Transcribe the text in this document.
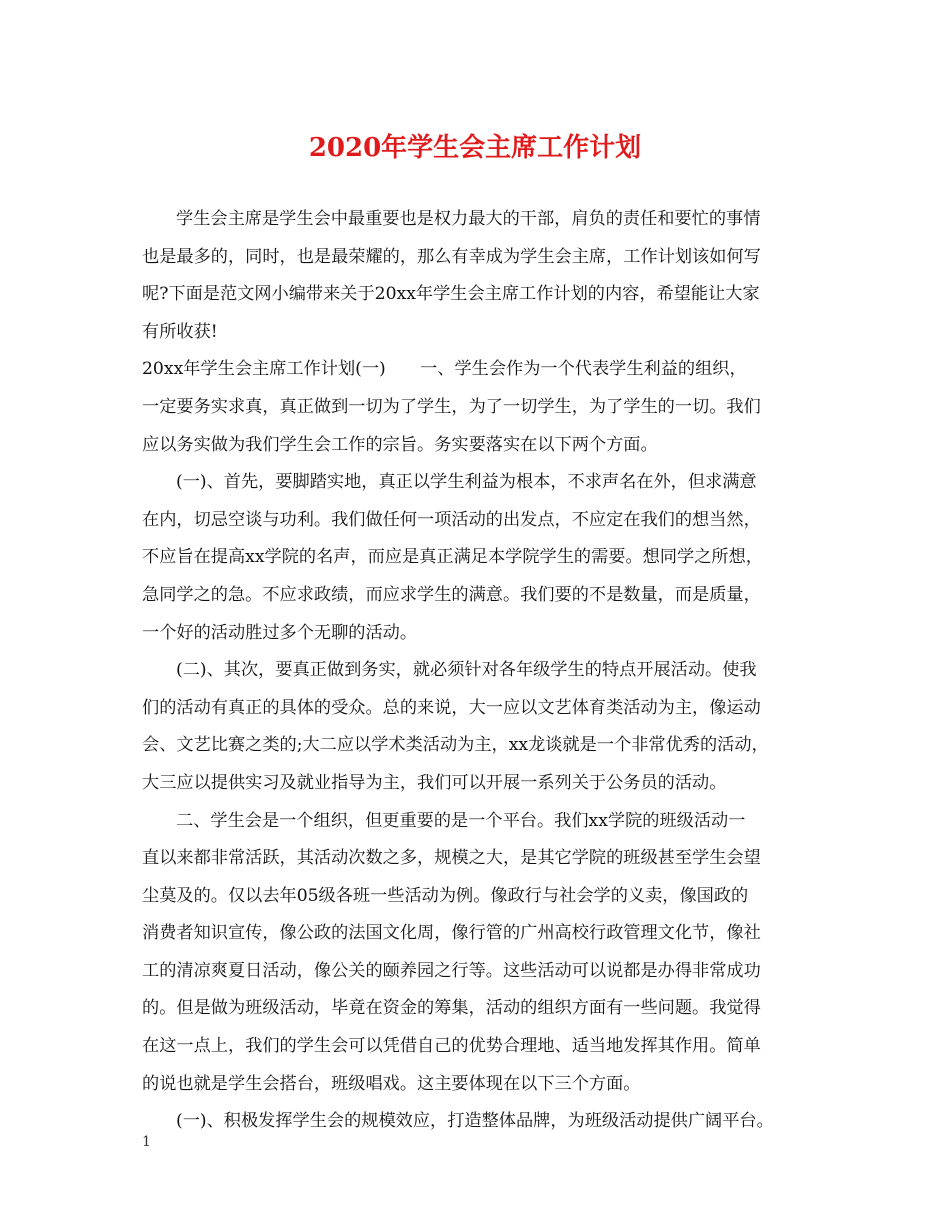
2020年学生会主席工作计划
学生会主席是学生会中最重要也是权力最大的干部，肩负的责任和要忙的事情
也是最多的，同时，也是最荣耀的，那么有幸成为学生会主席，工作计划该如何写
呢?下面是范文网小编带来关于20xx年学生会主席工作计划的内容，希望能让大家
有所收获!
20xx年学生会主席工作计划(一)　　一、学生会作为一个代表学生利益的组织，
一定要务实求真，真正做到一切为了学生，为了一切学生，为了学生的一切。我们
应以务实做为我们学生会工作的宗旨。务实要落实在以下两个方面。
(一)、首先，要脚踏实地，真正以学生利益为根本，不求声名在外，但求满意
在内，切忌空谈与功利。我们做任何一项活动的出发点，不应定在我们的想当然，
不应旨在提高xx学院的名声，而应是真正满足本学院学生的需要。想同学之所想，
急同学之的急。不应求政绩，而应求学生的满意。我们要的不是数量，而是质量，
一个好的活动胜过多个无聊的活动。
(二)、其次，要真正做到务实，就必须针对各年级学生的特点开展活动。使我
们的活动有真正的具体的受众。总的来说，大一应以文艺体育类活动为主，像运动
会、文艺比赛之类的;大二应以学术类活动为主，xx龙谈就是一个非常优秀的活动，
大三应以提供实习及就业指导为主，我们可以开展一系列关于公务员的活动。
二、学生会是一个组织，但更重要的是一个平台。我们xx学院的班级活动一
直以来都非常活跃，其活动次数之多，规模之大，是其它学院的班级甚至学生会望
尘莫及的。仅以去年05级各班一些活动为例。像政行与社会学的义卖，像国政的
消费者知识宣传，像公政的法国文化周，像行管的广州高校行政管理文化节，像社
工的清凉爽夏日活动，像公关的颐养园之行等。这些活动可以说都是办得非常成功
的。但是做为班级活动，毕竟在资金的筹集，活动的组织方面有一些问题。我觉得
在这一点上，我们的学生会可以凭借自己的优势合理地、适当地发挥其作用。简单
的说也就是学生会搭台，班级唱戏。这主要体现在以下三个方面。
(一)、积极发挥学生会的规模效应，打造整体品牌，为班级活动提供广阔平台。
1
